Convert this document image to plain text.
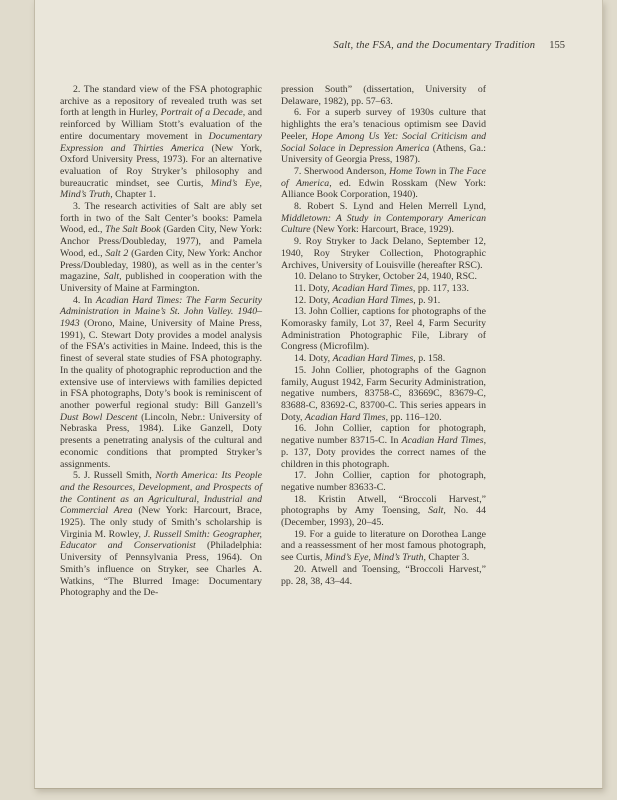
Salt, the FSA, and the Documentary Tradition 155

2. The standard view of the FSA photographic archive as a repository of revealed truth was set forth at length in Hurley, Portrait of a Decade, and reinforced by William Stott’s evaluation of the entire documentary movement in Documentary Expression and Thirties America (New York, Oxford University Press, 1973). For an alternative evaluation of Roy Stryker’s philosophy and bureaucratic mindset, see Curtis, Mind’s Eye, Mind’s Truth, Chapter 1.

3. The research activities of Salt are ably set forth in two of the Salt Center’s books: Pamela Wood, ed., The Salt Book (Garden City, New York: Anchor Press/Doubleday, 1977), and Pamela Wood, ed., Salt 2 (Garden City, New York: Anchor Press/Doubleday, 1980), as well as in the center’s magazine, Salt, published in cooperation with the University of Maine at Farmington.

4. In Acadian Hard Times: The Farm Security Administration in Maine’s St. John Valley. 1940–1943 (Orono, Maine, University of Maine Press, 1991), C. Stewart Doty provides a model analysis of the FSA’s activities in Maine. Indeed, this is the finest of several state studies of FSA photography. In the quality of photographic reproduction and the extensive use of interviews with families depicted in FSA photographs, Doty’s book is reminiscent of another powerful regional study: Bill Ganzell’s Dust Bowl Descent (Lincoln, Nebr.: University of Nebraska Press, 1984). Like Ganzell, Doty presents a penetrating analysis of the cultural and economic conditions that prompted Stryker’s assignments.

5. J. Russell Smith, North America: Its People and the Resources, Development, and Prospects of the Continent as an Agricultural, Industrial and Commercial Area (New York: Harcourt, Brace, 1925). The only study of Smith’s scholarship is Virginia M. Rowley, J. Russell Smith: Geographer, Educator and Conservationist (Philadelphia: University of Pennsylvania Press, 1964). On Smith’s influence on Stryker, see Charles A. Watkins, “The Blurred Image: Documentary Photography and the De-

pression South” (dissertation, University of Delaware, 1982), pp. 57–63.

6. For a superb survey of 1930s culture that highlights the era’s tenacious optimism see David Peeler, Hope Among Us Yet: Social Criticism and Social Solace in Depression America (Athens, Ga.: University of Georgia Press, 1987).

7. Sherwood Anderson, Home Town in The Face of America, ed. Edwin Rosskam (New York: Alliance Book Corporation, 1940).

8. Robert S. Lynd and Helen Merrell Lynd, Middletown: A Study in Contemporary American Culture (New York: Harcourt, Brace, 1929).

9. Roy Stryker to Jack Delano, September 12, 1940, Roy Stryker Collection, Photographic Archives, University of Louisville (hereafter RSC).

10. Delano to Stryker, October 24, 1940, RSC.

11. Doty, Acadian Hard Times, pp. 117, 133.

12. Doty, Acadian Hard Times, p. 91.

13. John Collier, captions for photographs of the Komorasky family, Lot 37, Reel 4, Farm Security Administration Photographic File, Library of Congress (Microfilm).

14. Doty, Acadian Hard Times, p. 158.

15. John Collier, photographs of the Gagnon family, August 1942, Farm Security Administration, negative numbers, 83758-C, 83669C, 83679-C, 83688-C, 83692-C, 83700-C. This series appears in Doty, Acadian Hard Times, pp. 116–120.

16. John Collier, caption for photograph, negative number 83715-C. In Acadian Hard Times, p. 137, Doty provides the correct names of the children in this photograph.

17. John Collier, caption for photograph, negative number 83633-C.

18. Kristin Atwell, “Broccoli Harvest,” photographs by Amy Toensing, Salt, No. 44 (December, 1993), 20–45.

19. For a guide to literature on Dorothea Lange and a reassessment of her most famous photograph, see Curtis, Mind’s Eye, Mind’s Truth, Chapter 3.

20. Atwell and Toensing, “Broccoli Harvest,” pp. 28, 38, 43–44.
